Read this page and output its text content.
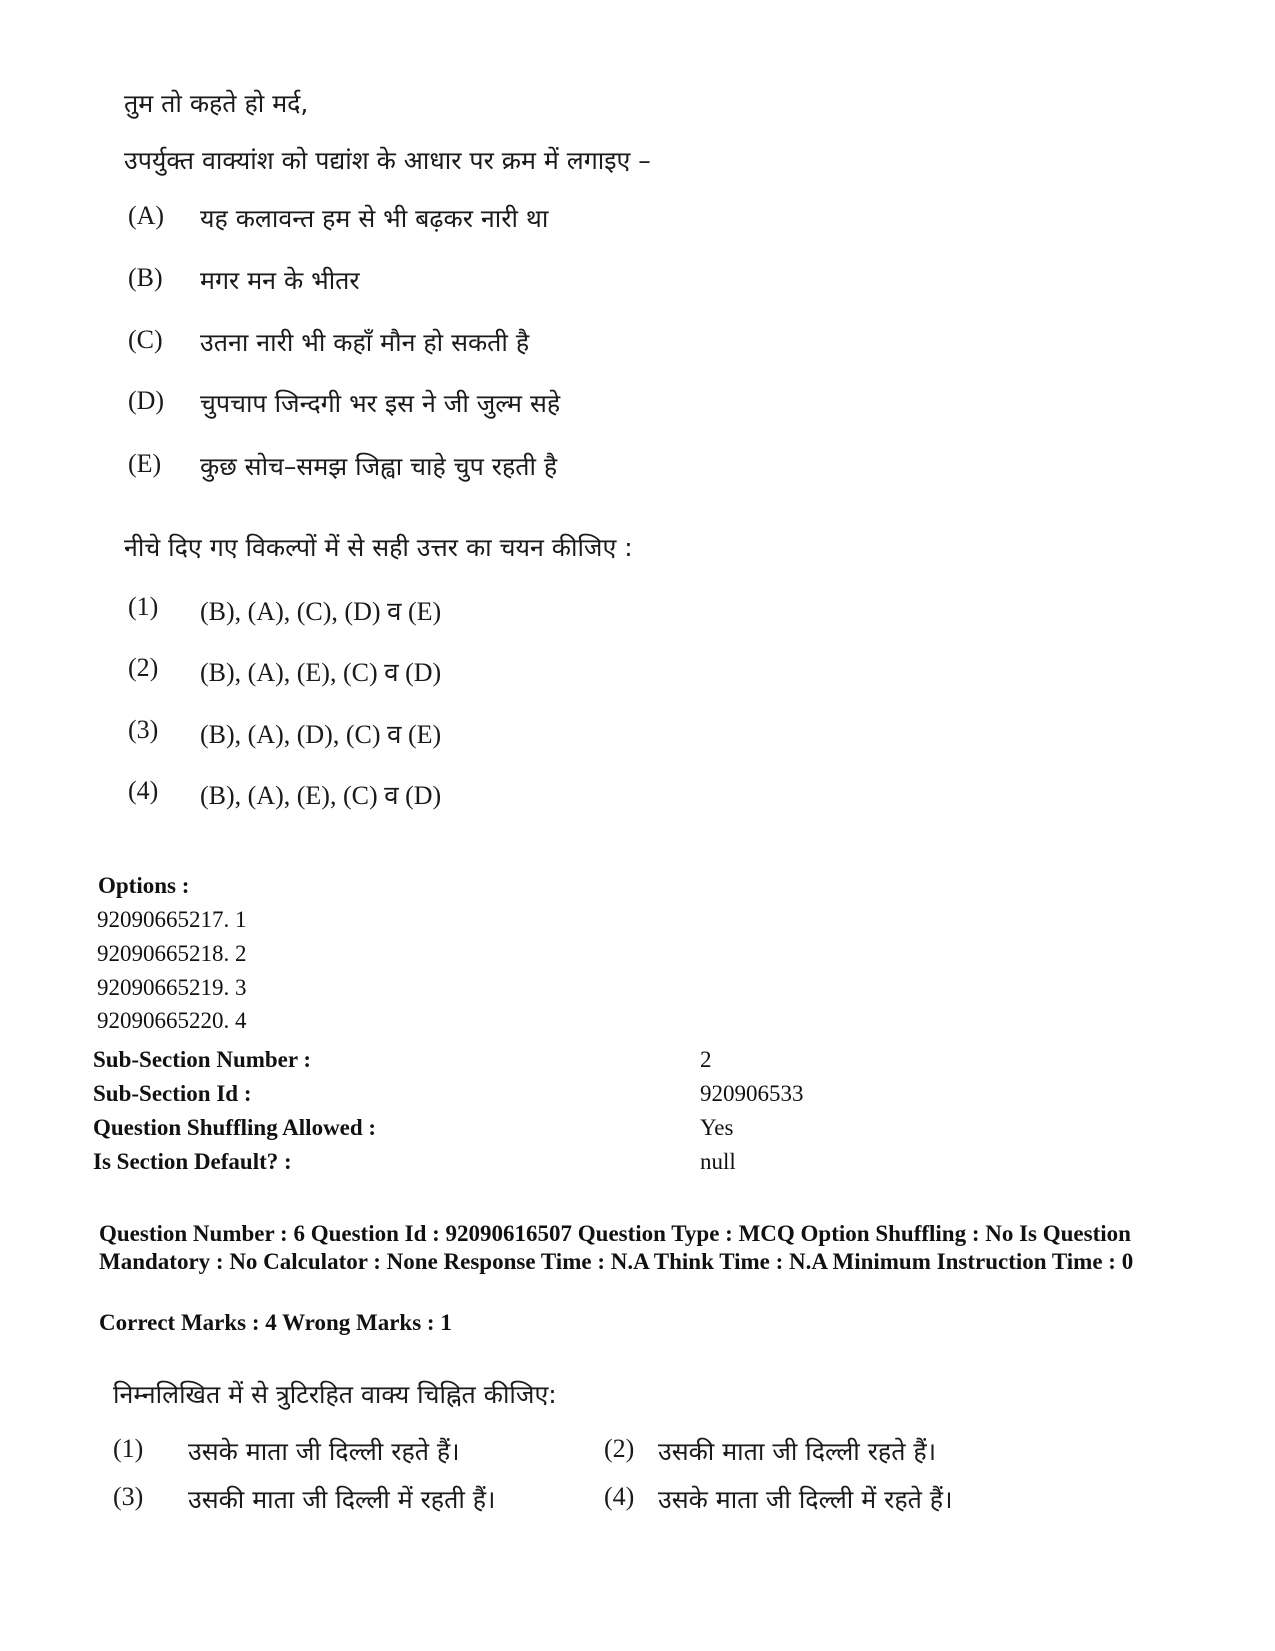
तुम तो कहते हो मर्द,
उपर्युक्त वाक्यांश को पद्यांश के आधार पर क्रम में लगाइए –
(A) यह कलावन्त हम से भी बढ़कर नारी था
(B) मगर मन के भीतर
(C) उतना नारी भी कहाँ मौन हो सकती है
(D) चुपचाप जिन्दगी भर इस ने जी जुल्म सहे
(E) कुछ सोच–समझ जिह्वा चाहे चुप रहती है
नीचे दिए गए विकल्पों में से सही उत्तर का चयन कीजिए :
(1) (B), (A), (C), (D) व (E)
(2) (B), (A), (E), (C) व (D)
(3) (B), (A), (D), (C) व (E)
(4) (B), (A), (E), (C) व (D)
Options :
92090665217. 1
92090665218. 2
92090665219. 3
92090665220. 4
Sub-Section Number :	2
Sub-Section Id :	920906533
Question Shuffling Allowed :	Yes
Is Section Default? :	null
Question Number : 6 Question Id : 92090616507 Question Type : MCQ Option Shuffling : No Is Question Mandatory : No Calculator : None Response Time : N.A Think Time : N.A Minimum Instruction Time : 0
Correct Marks : 4 Wrong Marks : 1
निम्नलिखित में से त्रुटिरहित वाक्य चिह्नित कीजिए:
(1) उसके माता जी दिल्ली रहते हैं।	(2) उसकी माता जी दिल्ली रहते हैं।
(3) उसकी माता जी दिल्ली में रहती हैं।	(4) उसके माता जी दिल्ली में रहते हैं।
